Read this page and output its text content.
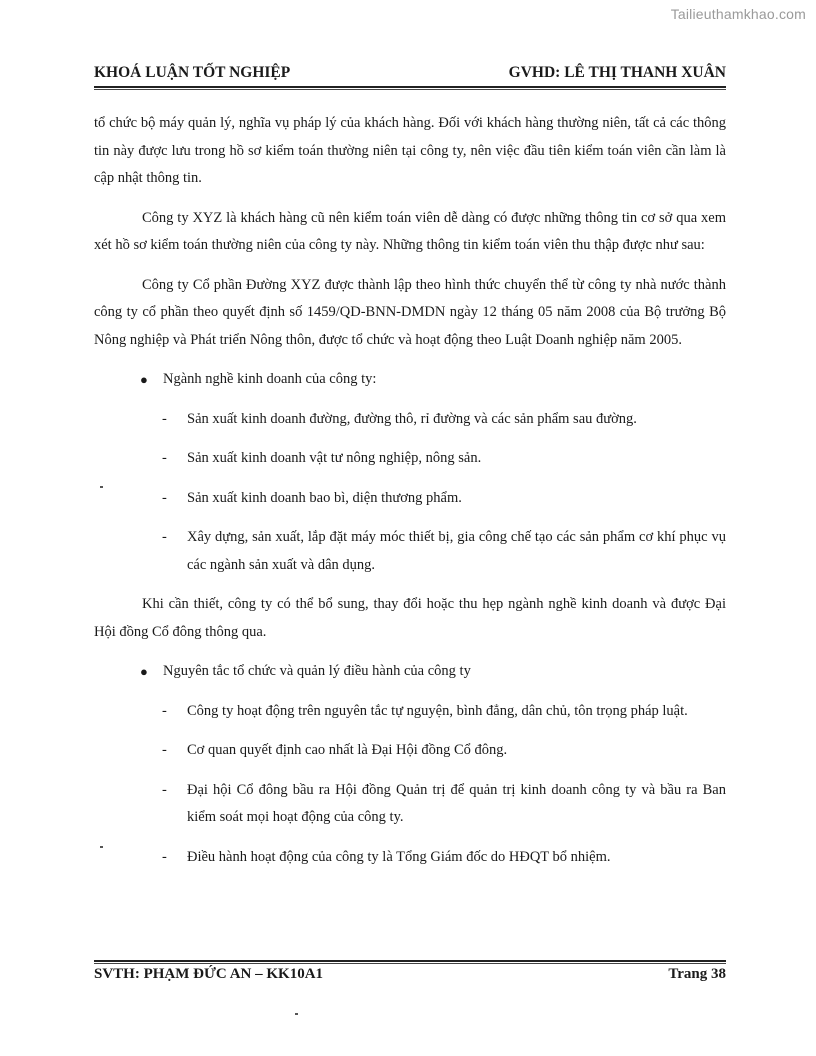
Tailieuthamkhao.com
KHOÁ LUẬN TỐT NGHIỆP	GVHD: LÊ THỊ THANH XUÂN

tổ chức bộ máy quản lý, nghĩa vụ pháp lý của khách hàng. Đối với khách hàng thường niên, tất cả các thông tin này được lưu trong hồ sơ kiểm toán thường niên tại công ty, nên việc đầu tiên kiểm toán viên cần làm là cập nhật thông tin.

Công ty XYZ là khách hàng cũ nên kiểm toán viên dễ dàng có được những thông tin cơ sở qua xem xét hồ sơ kiểm toán thường niên của công ty này. Những thông tin kiểm toán viên thu thập được như sau:

Công ty Cổ phần Đường XYZ được thành lập theo hình thức chuyển thể từ công ty nhà nước thành công ty cổ phần theo quyết định số 1459/QD-BNN-DMDN ngày 12 tháng 05 năm 2008 của Bộ trưởng Bộ Nông nghiệp và Phát triển Nông thôn, được tổ chức và hoạt động theo Luật Doanh nghiệp năm 2005.

●	Ngành nghề kinh doanh của công ty:
-	Sản xuất kinh doanh đường, đường thô, rỉ đường và các sản phẩm sau đường.
-	Sản xuất kinh doanh vật tư nông nghiệp, nông sản.
-	Sản xuất kinh doanh bao bì, diện thương phẩm.
-	Xây dựng, sản xuất, lắp đặt máy móc thiết bị, gia công chế tạo các sản phẩm cơ khí phục vụ các ngành sản xuất và dân dụng.

Khi cần thiết, công ty có thể bổ sung, thay đổi hoặc thu hẹp ngành nghề kinh doanh và được Đại Hội đồng Cổ đông thông qua.

●	Nguyên tắc tổ chức và quản lý điều hành của công ty
-	Công ty hoạt động trên nguyên tắc tự nguyện, bình đẳng, dân chủ, tôn trọng pháp luật.
-	Cơ quan quyết định cao nhất là Đại Hội đồng Cổ đông.
-	Đại hội Cổ đông bầu ra Hội đồng Quản trị để quản trị kinh doanh công ty và bầu ra Ban kiểm soát mọi hoạt động của công ty.
-	Điều hành hoạt động của công ty là Tổng Giám đốc do HĐQT bổ nhiệm.
SVTH: PHẠM ĐỨC AN – KK10A1	Trang 38
